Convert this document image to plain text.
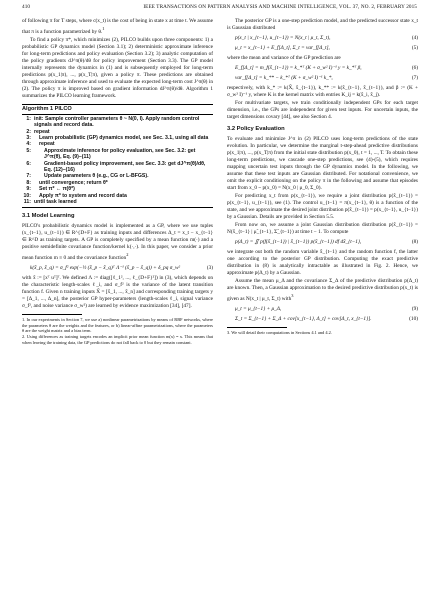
410	IEEE TRANSACTIONS ON PATTERN ANALYSIS AND MACHINE INTELLIGENCE, VOL. 37, NO. 2, FEBRUARY 2015

of following π for T steps, where c(x_t) is the cost of being in state x at time t. We assume that π is a function parametrized by θ.$^1$

To find a policy π*, which minimizes (2), PILCO builds upon three components: 1) a probabilistic GP dynamics model (Section 3.1); 2) deterministic approximate inference for long-term predictions and policy evaluation (Section 3.2); 3) analytic computation of the policy gradients dJ^π(θ)/dθ for policy improvement (Section 3.3). The GP model internally represents the dynamics in (1) and is subsequently employed for long-term predictions p(x_1|π), ..., p(x_T|π), given a policy π. These predictions are obtained through approximate inference and used to evaluate the expected long-term cost J^π(θ) in (2). The policy π is improved based on gradient information dJ^π(θ)/dθ. Algorithm 1 summarizes the PILCO learning framework.

Algorithm 1 PILCO
1: init: Sample controller parameters θ ~ N(0, I). Apply random control signals and record data.
2: repeat
3:	Learn probabilistic (GP) dynamics model, see Sec. 3.1, using all data
4:	repeat
5:	Approximate inference for policy evaluation, see Sec. 3.2: get J^π(θ), Eq. (9)–(11)
6:	Gradient-based policy improvement, see Sec. 3.3: get dJ^π(θ)/dθ, Eq. (12)–(16)
7:	Update parameters θ (e.g., CG or L-BFGS).
8:	until convergence; return θ*
9:	Set π* ← π(θ*)
10:	Apply π* to system and record data
11: until task learned
3.1 Model Learning

PILCO's probabilistic dynamics model is implemented as a GP, where we use tuples (x_{t−1}, u_{t−1}) ∈ R^{D+F} as training inputs and differences Δ_t = x_t − x_{t−1} ∈ R^D as training targets. A GP is completely specified by a mean function m(·) and a positive semidefinite covariance function/kernel k(·,·). In this paper, we consider a prior mean function m ≡ 0 and the covariance function$^2$

k(x̃_p, x̃_q) = σ_f² exp(−½ (x̃_p − x̃_q)ᵀ Λ⁻¹ (x̃_p − x̃_q)) + δ_pq σ_w²	(3)

with x̃ := [xᵀ uᵀ]ᵀ. We defined Λ := diag([ℓ_1², ..., ℓ_{D+F}²]) in (3), which depends on the characteristic length-scales ℓ_i, and σ_f² is the variance of the latent transition function f. Given n training inputs X̃ = [x̃_1, ..., x̃_n] and corresponding training targets y = [Δ_1, ..., Δ_n], the posterior GP hyper-parameters (length-scales ℓ_i, signal variance σ_f², and noise variance σ_w²) are learned by evidence maximization [34], [47].

1. In our experiments in Section 7, we use a) nonlinear parametrizations by means of RBF networks, where the parameters θ are the weights and the features, or b) linear-affine parametrizations, where the parameters θ are the weight matrix and a bias term.

2. Using differences as training targets encodes an implicit prior mean function m(x) = x. This means that when leaving the training data, the GP predictions do not fall back to 0 but they remain constant.

The posterior GP is a one-step prediction model, and the predicted successor state x_t is Gaussian distributed

p(x_t | x_{t−1}, u_{t−1}) = N(x_t | μ_t, Σ_t),	(4)
μ_t = x_{t−1} + E_f[Δ_t], Σ_t = var_f[Δ_t],	(5)

where the mean and variance of the GP prediction are

E_f[Δ_t] = m_f(x̃_{t−1}) = k_*ᵀ (K + σ_w² I)⁻¹ y = k_*ᵀ β,	(6)
var_f[Δ_t] = k_** − k_*ᵀ (K + σ_w² I)⁻¹ k_*,	(7)

respectively, with k_* := k(X̃, x̃_{t−1}), k_** := k(x̃_{t−1}, x̃_{t−1}), and β := (K + σ_w² I)⁻¹ y, where K is the kernel matrix with entries K_ij = k(x̃_i, x̃_j).

For multivariate targets, we train conditionally independent GPs for each target dimension, i.e., the GPs are independent for given test inputs. For uncertain inputs, the target dimensions covary [44], see also Section 4.

3.2 Policy Evaluation

To evaluate and minimize J^π in (2) PILCO uses long-term predictions of the state evolution. In particular, we determine the marginal t-step-ahead predictive distributions p(x_1|π), ..., p(x_T|π) from the initial state distribution p(x_0), t = 1, ..., T. To obtain these long-term predictions, we cascade one-step predictions, see (4)-(5), which requires mapping uncertain test inputs through the GP dynamics model. In the following, we assume that these test inputs are Gaussian distributed. For notational convenience, we omit the explicit conditioning on the policy π in the following and assume that episodes start from x_0 ~ p(x_0) = N(x_0 | μ_0, Σ_0).

For predicting x_t from p(x_{t−1}), we require a joint distribution p(x̃_{t−1}) = p(x_{t−1}, u_{t−1}), see (1). The control u_{t−1} = π(x_{t−1}, θ) is a function of the state, and we approximate the desired joint distribution p(x̃_{t−1}) = p(x_{t−1}, u_{t−1}) by a Gaussian. Details are provided in Section 5.5.

From now on, we assume a joint Gaussian distribution distribution p(x̃_{t−1}) = N(x̃_{t−1} | μ̃_{t−1}, Σ̃_{t−1}) at time t − 1. To compute

p(Δ_t) = ∬ p(f(x̃_{t−1}) | x̃_{t−1}) p(x̃_{t−1}) df dx̃_{t−1},	(8)

we integrate out both the random variable x̃_{t−1} and the random function f, the latter one according to the posterior GP distribution. Computing the exact predictive distribution in (8) is analytically intractable as illustrated in Fig. 2. Hence, we approximate p(Δ_t) by a Gaussian.

Assume the mean μ_Δ and the covariance Σ_Δ of the predictive distribution p(Δ_t) are known. Then, a Gaussian approximation to the desired predictive distribution p(x_t) is given as N(x_t | μ_t, Σ_t) with$^3$

μ_t = μ_{t−1} + μ_Δ,	(9)
Σ_t = Σ_{t−1} + Σ_Δ + cov[x_{t−1}, Δ_t] + cov[Δ_t, x_{t−1}].	(10)

3. We will detail their computations in Sections 4.1 and 4.2.
